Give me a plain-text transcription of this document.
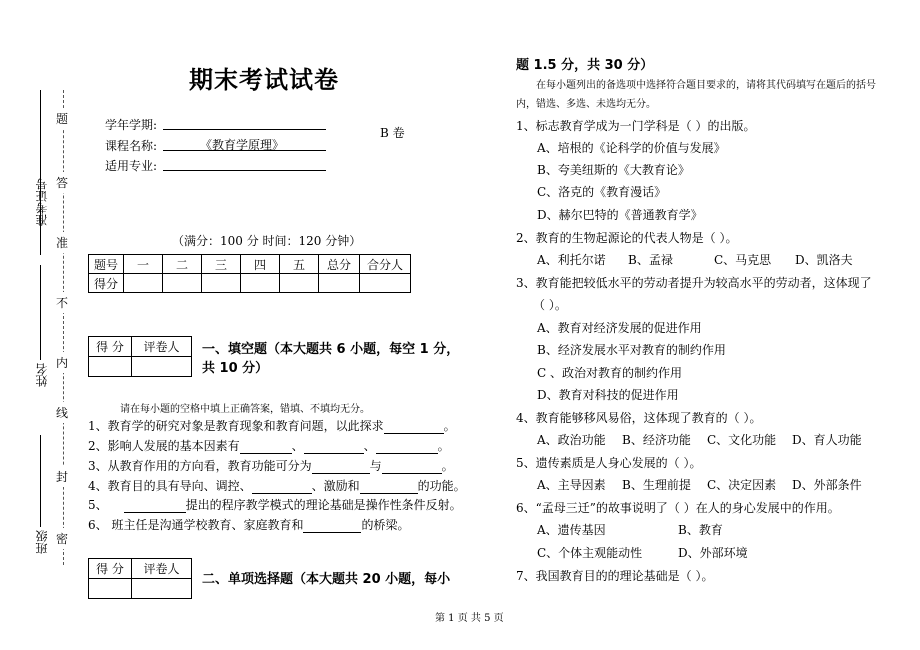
准考证号
姓名
班级
题
答
准
不
内
线
封
密
期末考试试卷
学年学期:
课程名称:	《教育学原理》
适用专业:
B 卷
（满分：100 分 时间：120 分钟）
题号	一	二	三	四	五	总分	合分人
得分							
得 分	评卷人
	一、填空题（本大题共 6 小题，每空 1 分，
共 10 分）
请在每小题的空格中填上正确答案，错填、不填均无分。
1、教育学的研究对象是教育现象和教育问题，以此探求	。
2、影响人发展的基本因素有	、	、	。
3、从教育作用的方向看，教育功能可分为	与	。
4、教育目的具有导向、调控、	、激励和	的功能。
5、	提出的程序教学模式的理论基础是操作性条件反射。
6、 班主任是沟通学校教育、家庭教育和	的桥梁。
得 分	评卷人

二、单项选择题（本大题共 20 小题，每小
题 1.5 分，共 30 分）
在每小题列出的备选项中选择符合题目要求的，请将其代码填写在题后的括号
内，错选、多选、未选均无分。
1、标志教育学成为一门学科是（ ）的出版。
A、培根的《论科学的价值与发展》
B、夸美纽斯的《大教育论》
C、洛克的《教育漫话》
D、赫尔巴特的《普通教育学》
2、教育的生物起源论的代表人物是（ ）。
A、利托尔诺 B、孟禄	C、马克思 D、凯洛夫
3、教育能把较低水平的劳动者提升为较高水平的劳动者，这体现了
（ ）。
A、教育对经济发展的促进作用
B、经济发展水平对教育的制约作用
C 、政治对教育的制约作用
D、教育对科技的促进作用
4、教育能够移风易俗，这体现了教育的（ ）。
A、政治功能 B、经济功能 C、文化功能 D、育人功能
5、遗传素质是人身心发展的（ ）。
A、主导因素 B、生理前提 C、决定因素 D、外部条件
6、“孟母三迁”的故事说明了（ ）在人的身心发展中的作用。
A、遗传基因	B、教育
C、个体主观能动性	D、外部环境
7、我国教育目的的理论基础是（ ）。
第 1 页 共 5 页
